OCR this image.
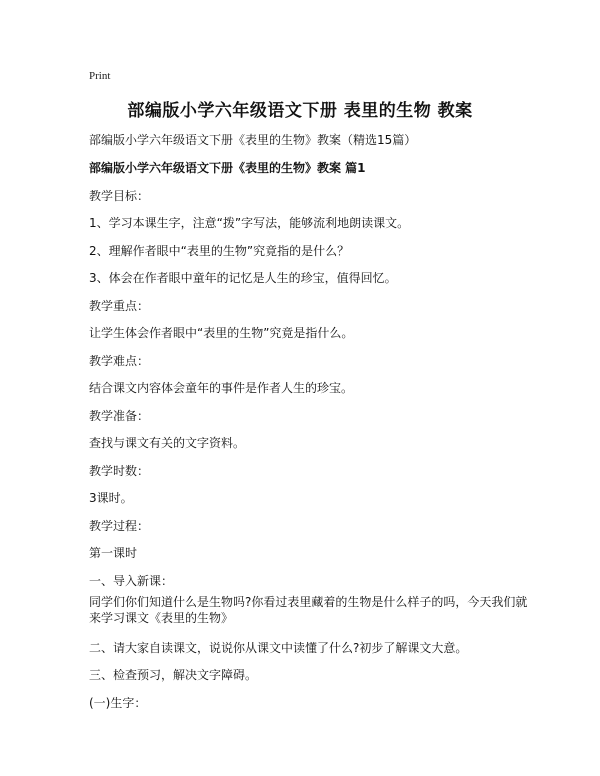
Print
部编版小学六年级语文下册 表里的生物 教案
部编版小学六年级语文下册《表里的生物》教案（精选15篇）
部编版小学六年级语文下册《表里的生物》教案 篇1
教学目标：
1、学习本课生字，注意“拨”字写法，能够流利地朗读课文。
2、理解作者眼中“表里的生物”究竟指的是什么？
3、体会在作者眼中童年的记忆是人生的珍宝，值得回忆。
教学重点：
让学生体会作者眼中“表里的生物”究竟是指什么。
教学难点：
结合课文内容体会童年的事件是作者人生的珍宝。
教学准备：
查找与课文有关的文字资料。
教学时数：
3课时。
教学过程：
第一课时
一、导入新课：
同学们你们知道什么是生物吗?你看过表里藏着的生物是什么样子的吗，今天我们就来学习课文《表里的生物》
二、请大家自读课文，说说你从课文中读懂了什么?初步了解课文大意。
三、检查预习，解决文字障碍。
(一)生字：
